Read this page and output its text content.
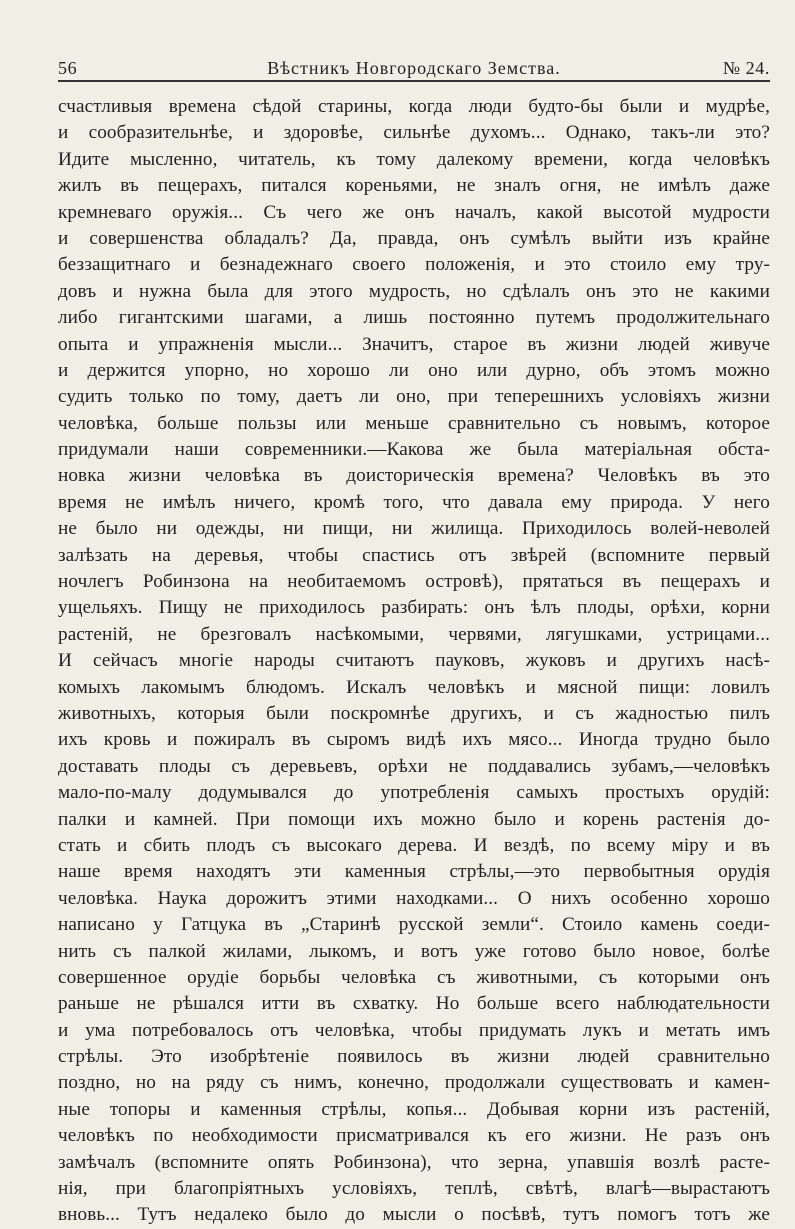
56	Вѣстникъ Новгородскаго Земства.	№ 24.
счастливыя времена сѣдой старины, когда люди будто-бы были и мудрѣе,
и сообразительнѣе, и здоровѣе, сильнѣе духомъ... Однако, такъ-ли это?
Идите мысленно, читатель, къ тому далекому времени, когда человѣкъ
жилъ въ пещерахъ, питался кореньями, не зналъ огня, не имѣлъ даже
кремневаго оружія... Съ чего же онъ началъ, какой высотой мудрости
и совершенства обладалъ? Да, правда, онъ сумѣлъ выйти изъ крайне
беззащитнаго и безнадежнаго своего положенія, и это стоило ему тру-
довъ и нужна была для этого мудрость, но сдѣлалъ онъ это не какими
либо гигантскими шагами, а лишь постоянно путемъ продолжительнаго
опыта и упражненія мысли... Значитъ, старое въ жизни людей живуче
и держится упорно, но хорошо ли оно или дурно, объ этомъ можно
судить только по тому, даетъ ли оно, при теперешнихъ условіяхъ жизни
человѣка, больше пользы или меньше сравнительно съ новымъ, которое
придумали наши современники.—Какова же была матеріальная обста-
новка жизни человѣка въ доисторическія времена? Человѣкъ въ это
время не имѣлъ ничего, кромѣ того, что давала ему природа. У него
не было ни одежды, ни пищи, ни жилища. Приходилось волей-неволей
залѣзать на деревья, чтобы спастись отъ звѣрей (вспомните первый
ночлегъ Робинзона на необитаемомъ островѣ), прятаться въ пещерахъ и
ущельяхъ. Пищу не приходилось разбирать: онъ ѣлъ плоды, орѣхи, корни
растеній, не брезговалъ насѣкомыми, червями, лягушками, устрицами...
И сейчасъ многіе народы считаютъ пауковъ, жуковъ и другихъ насѣ-
комыхъ лакомымъ блюдомъ. Искалъ человѣкъ и мясной пищи: ловилъ
животныхъ, которыя были поскромнѣе другихъ, и съ жадностью пилъ
ихъ кровь и пожиралъ въ сыромъ видѣ ихъ мясо... Иногда трудно было
доставать плоды съ деревьевъ, орѣхи не поддавались зубамъ,—человѣкъ
мало-по-малу додумывался до употребленія самыхъ простыхъ орудій:
палки и камней. При помощи ихъ можно было и корень растенія до-
стать и сбить плодъ съ высокаго дерева. И вездѣ, по всему міру и въ
наше время находятъ эти каменныя стрѣлы,—это первобытныя орудія
человѣка. Наука дорожитъ этими находками... О нихъ особенно хорошо
написано у Гатцука въ „Старинѣ русской земли“. Стоило камень соеди-
нить съ палкой жилами, лыкомъ, и вотъ уже готово было новое, болѣе
совершенное орудіе борьбы человѣка съ животными, съ которыми онъ
раньше не рѣшался итти въ схватку. Но больше всего наблюдательности
и ума потребовалось отъ человѣка, чтобы придумать лукъ и метать имъ
стрѣлы. Это изобрѣтеніе появилось въ жизни людей сравнительно
поздно, но на ряду съ нимъ, конечно, продолжали существовать и камен-
ные топоры и каменныя стрѣлы, копья... Добывая корни изъ растеній,
человѣкъ по необходимости присматривался къ его жизни. Не разъ онъ
замѣчалъ (вспомните опять Робинзона), что зерна, упавшія возлѣ расте-
нія, при благопріятныхъ условіяхъ, теплѣ, свѣтѣ, влагѣ—вырастаютъ
вновь... Тутъ недалеко было до мысли о посѣвѣ, тутъ помогъ тотъ же
